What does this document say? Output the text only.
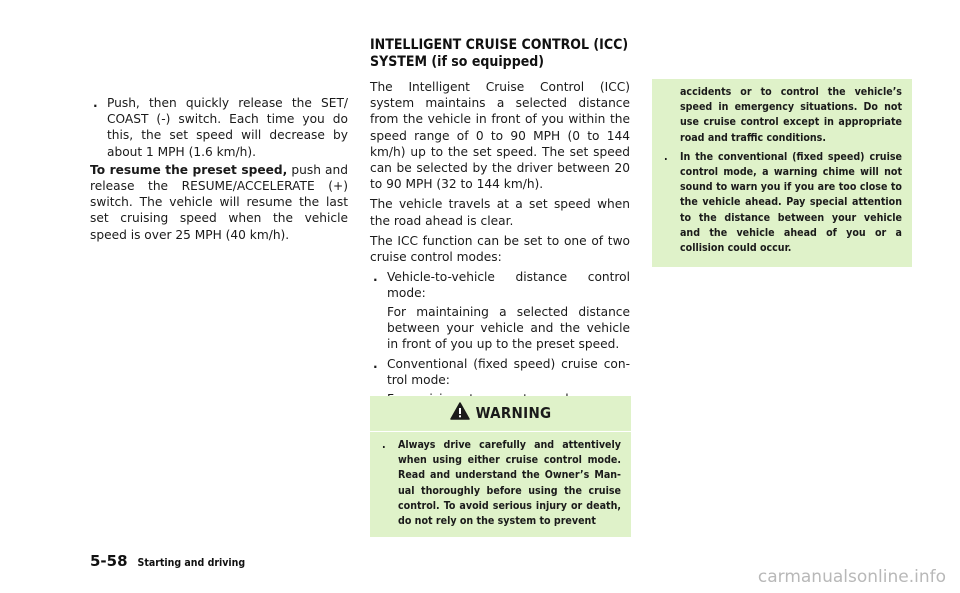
INTELLIGENT CRUISE CONTROL (ICC)
SYSTEM (if so equipped)
. Push, then quickly release the SET/ COAST (-) switch. Each time you do this, the set speed will decrease by about 1 MPH (1.6 km/h).

To resume the preset speed, push and release the RESUME/ACCELERATE (+) switch. The vehicle will resume the last set cruising speed when the vehicle speed is over 25 MPH (40 km/h).

The Intelligent Cruise Control (ICC) system maintains a selected distance from the vehicle in front of you within the speed range of 0 to 90 MPH (0 to 144 km/h) up to the set speed. The set speed can be selected by the driver between 20 to 90 MPH (32 to 144 km/h).

The vehicle travels at a set speed when the road ahead is clear.

The ICC function can be set to one of two cruise control modes:

. Vehicle-to-vehicle distance control mode:

For maintaining a selected distance between your vehicle and the vehicle in front of you up to the preset speed.

. Conventional (fixed speed) cruise con- trol mode:

WARNING
. Always drive carefully and attentively when using either cruise control mode. Read and understand the Owner’s Man- ual thoroughly before using the cruise control. To avoid serious injury or death, do not rely on the system to prevent
accidents or to control the vehicle’s speed in emergency situations. Do not use cruise control except in appropriate road and traffic conditions.
. In the conventional (fixed speed) cruise control mode, a warning chime will not sound to warn you if you are too close to the vehicle ahead. Pay special attention to the distance between your vehicle and the vehicle ahead of you or a collision could occur.
5-58 Starting and driving
carmanualsonline.info
